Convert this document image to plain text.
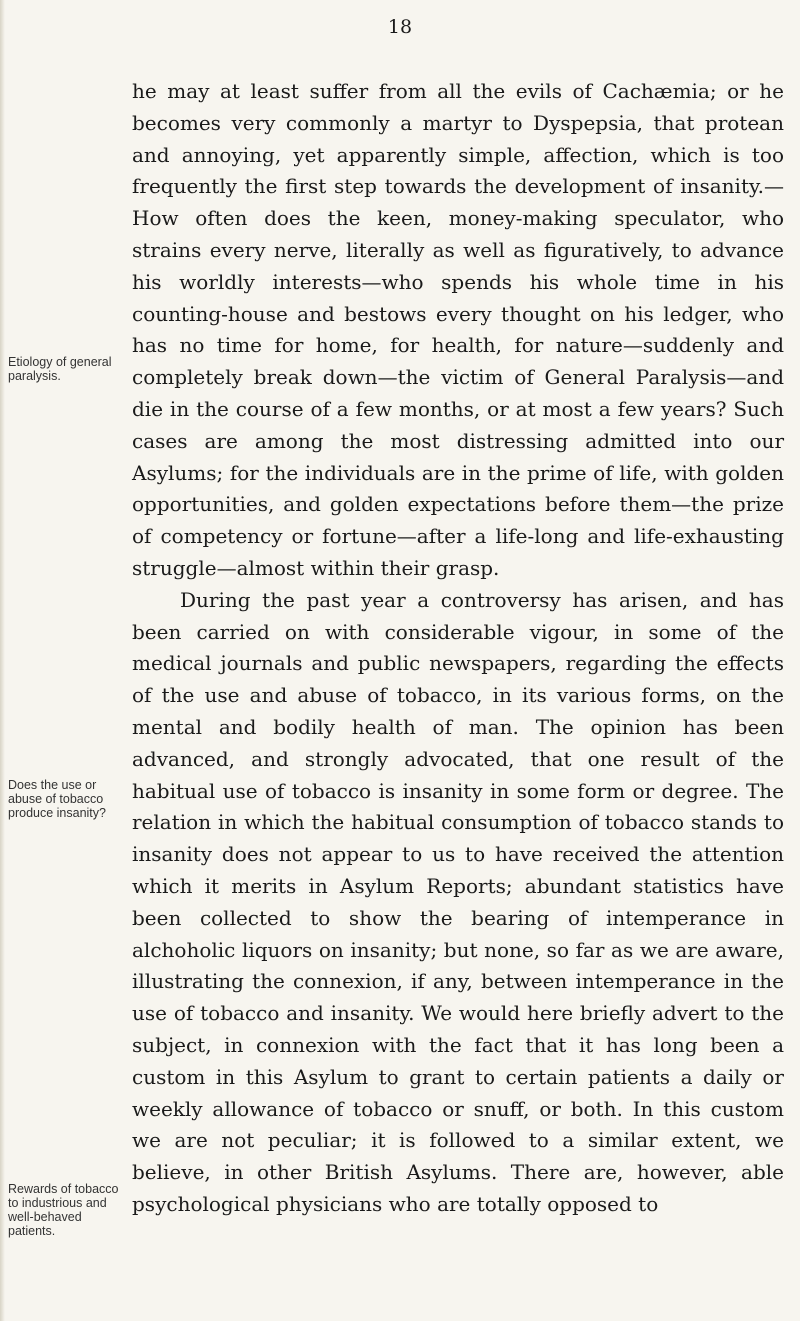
18
Etiology of general paralysis.
Does the use or abuse of tobacco produce insanity?
Rewards of tobacco to industrious and well-behaved patients.

he may at least suffer from all the evils of Cachæmia; or he becomes very commonly a martyr to Dyspepsia, that protean and annoying, yet apparently simple, affection, which is too frequently the first step towards the development of insanity.—How often does the keen, money-making speculator, who strains every nerve, literally as well as figuratively, to advance his worldly interests—who spends his whole time in his counting-house and bestows every thought on his ledger, who has no time for home, for health, for nature—suddenly and completely break down—the victim of General Paralysis—and die in the course of a few months, or at most a few years? Such cases are among the most distressing admitted into our Asylums; for the individuals are in the prime of life, with golden opportunities, and golden expectations before them—the prize of competency or fortune—after a life-long and life-exhausting struggle—almost within their grasp.

During the past year a controversy has arisen, and has been carried on with considerable vigour, in some of the medical journals and public newspapers, regarding the effects of the use and abuse of tobacco, in its various forms, on the mental and bodily health of man. The opinion has been advanced, and strongly advocated, that one result of the habitual use of tobacco is insanity in some form or degree. The relation in which the habitual consumption of tobacco stands to insanity does not appear to us to have received the attention which it merits in Asylum Reports; abundant statistics have been collected to show the bearing of intemperance in alchoholic liquors on insanity; but none, so far as we are aware, illustrating the connexion, if any, between intemperance in the use of tobacco and insanity. We would here briefly advert to the subject, in connexion with the fact that it has long been a custom in this Asylum to grant to certain patients a daily or weekly allowance of tobacco or snuff, or both. In this custom we are not peculiar; it is followed to a similar extent, we believe, in other British Asylums. There are, however, able psychological physicians who are totally opposed to
